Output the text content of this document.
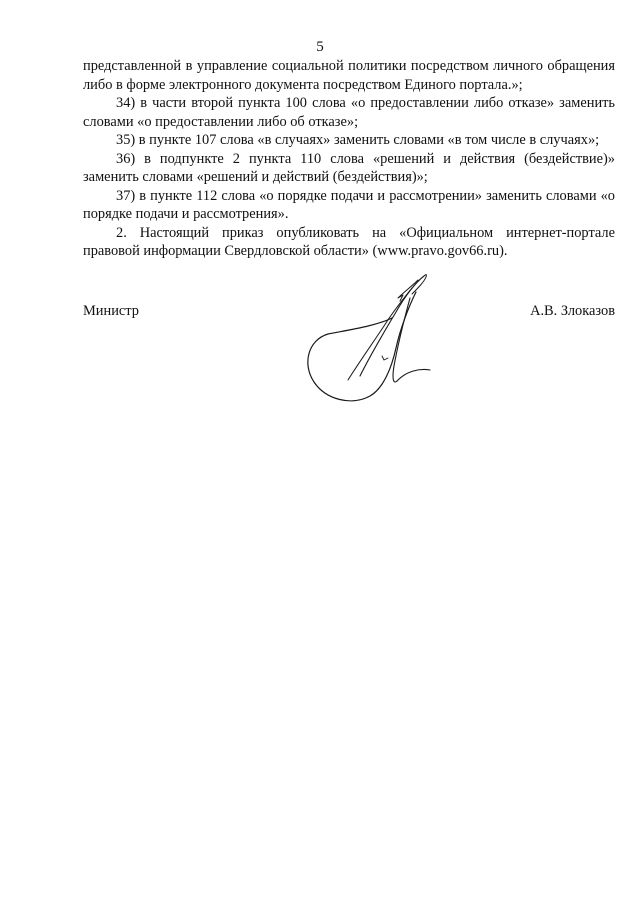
5

представленной в управление социальной политики посредством личного обращения либо в форме электронного документа посредством Единого портала.»;

34) в части второй пункта 100 слова «о предоставлении либо отказе» заменить словами «о предоставлении либо об отказе»;

35) в пункте 107 слова «в случаях» заменить словами «в том числе в случаях»;

36) в подпункте 2 пункта 110 слова «решений и действия (бездействие)» заменить словами «решений и действий (бездействия)»;

37) в пункте 112 слова «о порядке подачи и рассмотрении» заменить словами «о порядке подачи и рассмотрения».

2. Настоящий приказ опубликовать на «Официальном интернет-портале правовой информации Свердловской области» (www.pravo.gov66.ru).

Министр	А.В. Злоказов
